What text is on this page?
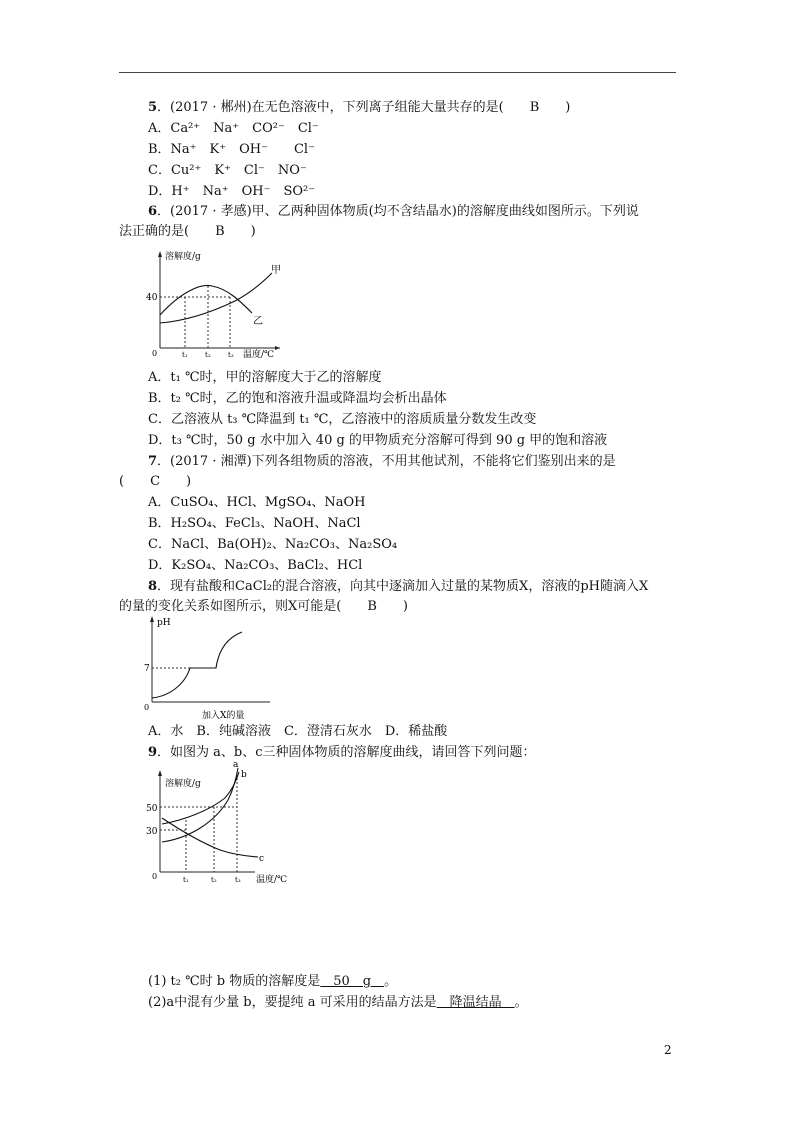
5．(2017 · 郴州)在无色溶液中，下列离子组能大量共存的是(　　B　　)
A．Ca²⁺　Na⁺　CO²⁻　Cl⁻
B．Na⁺　K⁺　OH⁻　　Cl⁻
C．Cu²⁺　K⁺　Cl⁻　NO⁻
D．H⁺　Na⁺　OH⁻　SO²⁻
6．(2017 · 孝感)甲、乙两种固体物质(均不含结晶水)的溶解度曲线如图所示。下列说
法正确的是(　　B　　)
溶解度/g
温度/℃
40
0	t₁ t₂ t₃
甲
乙
A．t₁ ℃时，甲的溶解度大于乙的溶解度
B．t₂ ℃时，乙的饱和溶液升温或降温均会析出晶体
C．乙溶液从 t₃ ℃降温到 t₁ ℃，乙溶液中的溶质质量分数发生改变
D．t₃ ℃时，50 g 水中加入 40 g 的甲物质充分溶解可得到 90 g 甲的饱和溶液
7．(2017 · 湘潭)下列各组物质的溶液，不用其他试剂，不能将它们鉴别出来的是
(　　C　　)
A．CuSO₄、HCl、MgSO₄、NaOH
B．H₂SO₄、FeCl₃、NaOH、NaCl
C．NaCl、Ba(OH)₂、Na₂CO₃、Na₂SO₄
D．K₂SO₄、Na₂CO₃、BaCl₂、HCl
8．现有盐酸和CaCl₂的混合溶液，向其中逐滴加入过量的某物质X，溶液的pH随滴入X
的量的变化关系如图所示，则X可能是(　　B　　)
pH
7
0
加入X的量
A．水　B．纯碱溶液　C．澄清石灰水　D．稀盐酸
9．如图为 a、b、c三种固体物质的溶解度曲线，请回答下列问题：
溶解度/g
温度/℃
50
30
0	t₁	t₂	t₃
a
b
c
(1) t₂ ℃时 b 物质的溶解度是　50　g　。
(2)a中混有少量 b，要提纯 a 可采用的结晶方法是　降温结晶　。
2
